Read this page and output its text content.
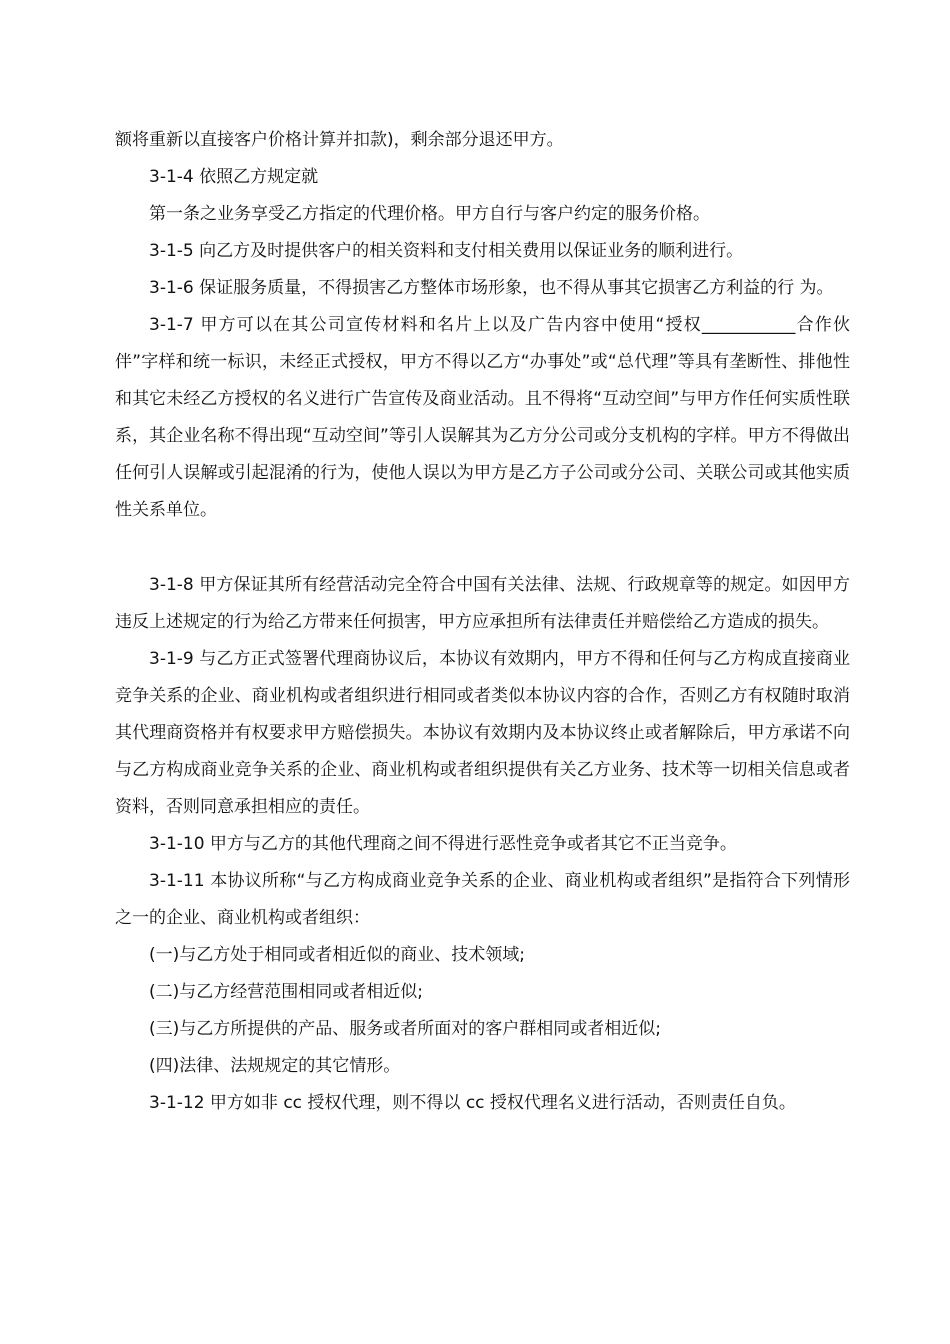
额将重新以直接客户价格计算并扣款)，剩余部分退还甲方。

3-1-4 依照乙方规定就

第一条之业务享受乙方指定的代理价格。甲方自行与客户约定的服务价格。

3-1-5 向乙方及时提供客户的相关资料和支付相关费用以保证业务的顺利进行。

3-1-6 保证服务质量，不得损害乙方整体市场形象，也不得从事其它损害乙方利益的行 为。

3-1-7 甲方可以在其公司宣传材料和名片上以及广告内容中使用“授权___________合作伙伴”字样和统一标识，未经正式授权，甲方不得以乙方“办事处”或“总代理”等具有垄断性、排他性和其它未经乙方授权的名义进行广告宣传及商业活动。且不得将“互动空间”与甲方作任何实质性联系，其企业名称不得出现“互动空间”等引人误解其为乙方分公司或分支机构的字样。甲方不得做出任何引人误解或引起混淆的行为，使他人误以为甲方是乙方子公司或分公司、关联公司或其他实质性关系单位。

3-1-8 甲方保证其所有经营活动完全符合中国有关法律、法规、行政规章等的规定。如因甲方违反上述规定的行为给乙方带来任何损害，甲方应承担所有法律责任并赔偿给乙方造成的损失。

3-1-9 与乙方正式签署代理商协议后，本协议有效期内，甲方不得和任何与乙方构成直接商业竞争关系的企业、商业机构或者组织进行相同或者类似本协议内容的合作，否则乙方有权随时取消其代理商资格并有权要求甲方赔偿损失。本协议有效期内及本协议终止或者解除后，甲方承诺不向与乙方构成商业竞争关系的企业、商业机构或者组织提供有关乙方业务、技术等一切相关信息或者资料，否则同意承担相应的责任。

3-1-10 甲方与乙方的其他代理商之间不得进行恶性竞争或者其它不正当竞争。

3-1-11 本协议所称“与乙方构成商业竞争关系的企业、商业机构或者组织”是指符合下列情形之一的企业、商业机构或者组织：

(一)与乙方处于相同或者相近似的商业、技术领域;

(二)与乙方经营范围相同或者相近似;

(三)与乙方所提供的产品、服务或者所面对的客户群相同或者相近似;

(四)法律、法规规定的其它情形。

3-1-12 甲方如非 cc 授权代理，则不得以 cc 授权代理名义进行活动，否则责任自负。
